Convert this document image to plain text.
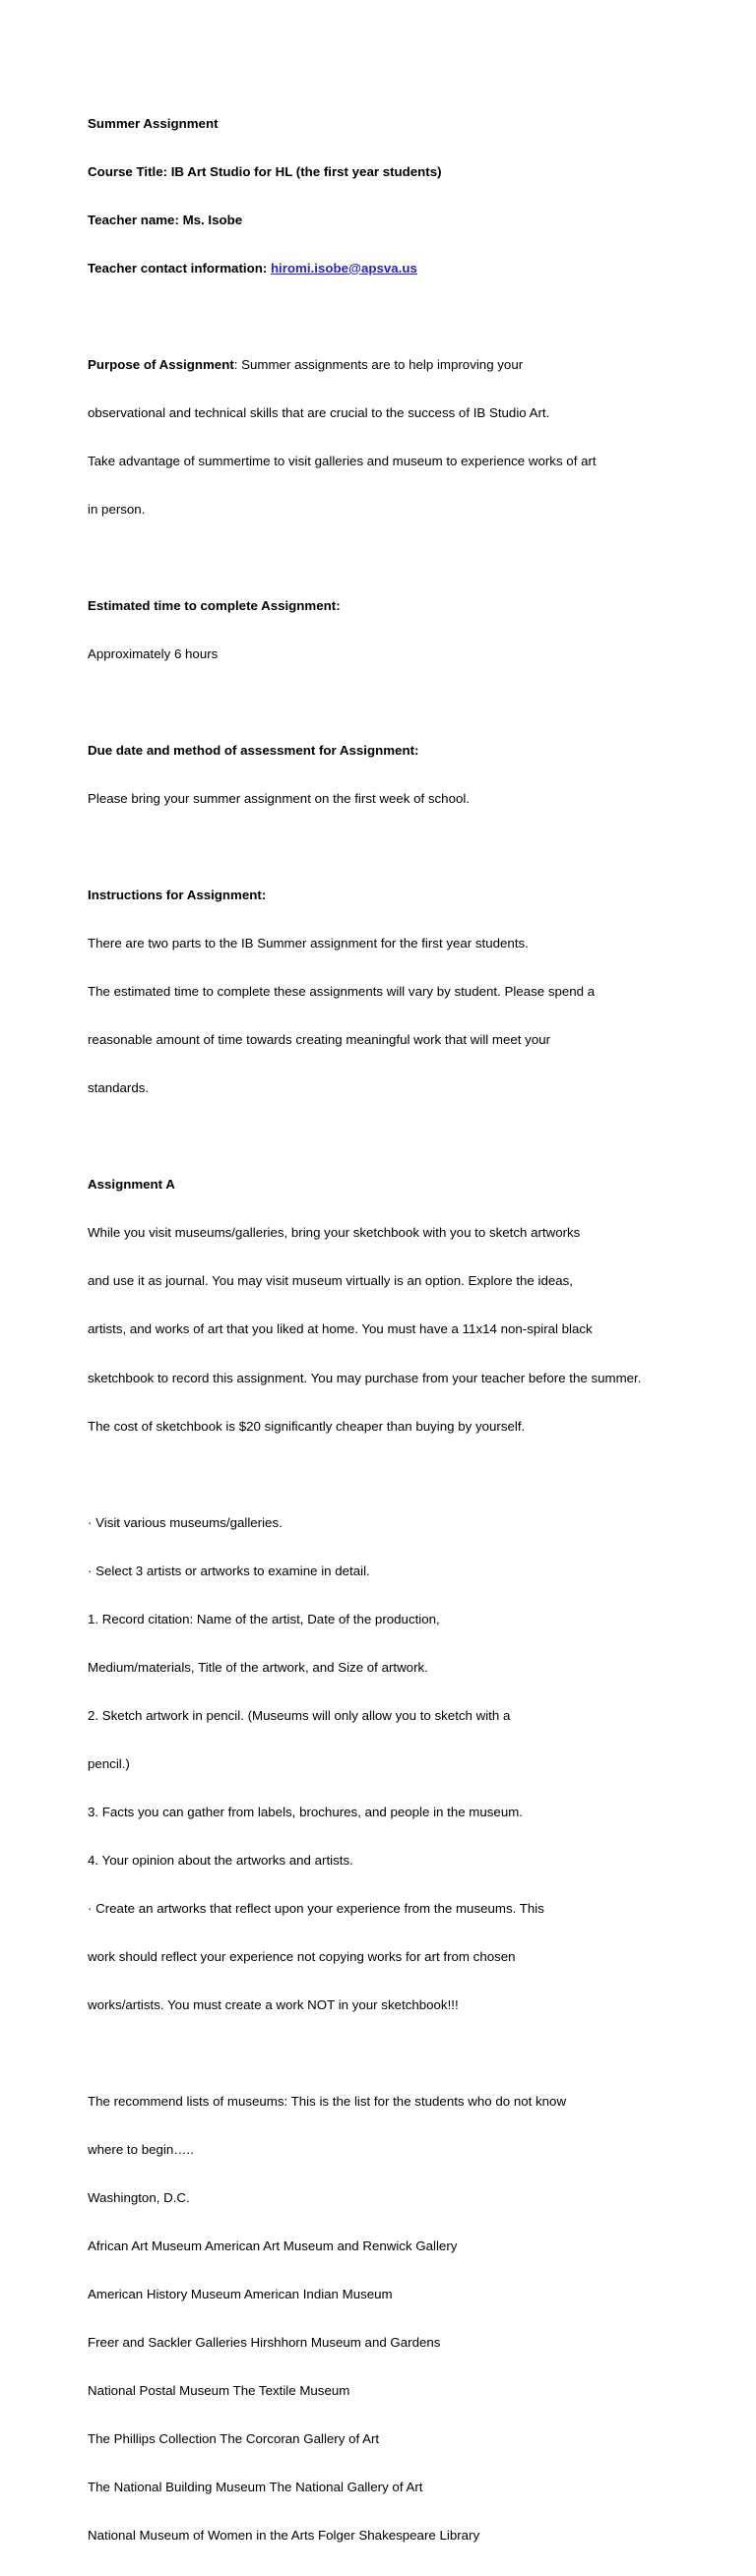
Summer Assignment

Course Title: IB Art Studio for HL (the first year students)

Teacher name: Ms. Isobe

Teacher contact information: hiromi.isobe@apsva.us

Purpose of Assignment: Summer assignments are to help improving your

observational and technical skills that are crucial to the success of IB Studio Art.

Take advantage of summertime to visit galleries and museum to experience works of art

in person.

Estimated time to complete Assignment:

Approximately 6 hours

Due date and method of assessment for Assignment:

Please bring your summer assignment on the first week of school.

Instructions for Assignment:

There are two parts to the IB Summer assignment for the first year students.

The estimated time to complete these assignments will vary by student. Please spend a

reasonable amount of time towards creating meaningful work that will meet your

standards.

Assignment A

While you visit museums/galleries, bring your sketchbook with you to sketch artworks

and use it as journal. You may visit museum virtually is an option. Explore the ideas,

artists, and works of art that you liked at home. You must have a 11x14 non-spiral black

sketchbook to record this assignment. You may purchase from your teacher before the summer.

The cost of sketchbook is $20 significantly cheaper than buying by yourself.

· Visit various museums/galleries.

· Select 3 artists or artworks to examine in detail.

1. Record citation: Name of the artist, Date of the production,

Medium/materials, Title of the artwork, and Size of artwork.

2. Sketch artwork in pencil. (Museums will only allow you to sketch with a

pencil.)

3. Facts you can gather from labels, brochures, and people in the museum.

4. Your opinion about the artworks and artists.

· Create an artworks that reflect upon your experience from the museums. This

work should reflect your experience not copying works for art from chosen

works/artists. You must create a work NOT in your sketchbook!!!

The recommend lists of museums: This is the list for the students who do not know

where to begin…..

Washington, D.C.

African Art Museum American Art Museum and Renwick Gallery

American History Museum American Indian Museum

Freer and Sackler Galleries Hirshhorn Museum and Gardens

National Postal Museum The Textile Museum

The Phillips Collection The Corcoran Gallery of Art

The National Building Museum The National Gallery of Art

National Museum of Women in the Arts Folger Shakespeare Library
